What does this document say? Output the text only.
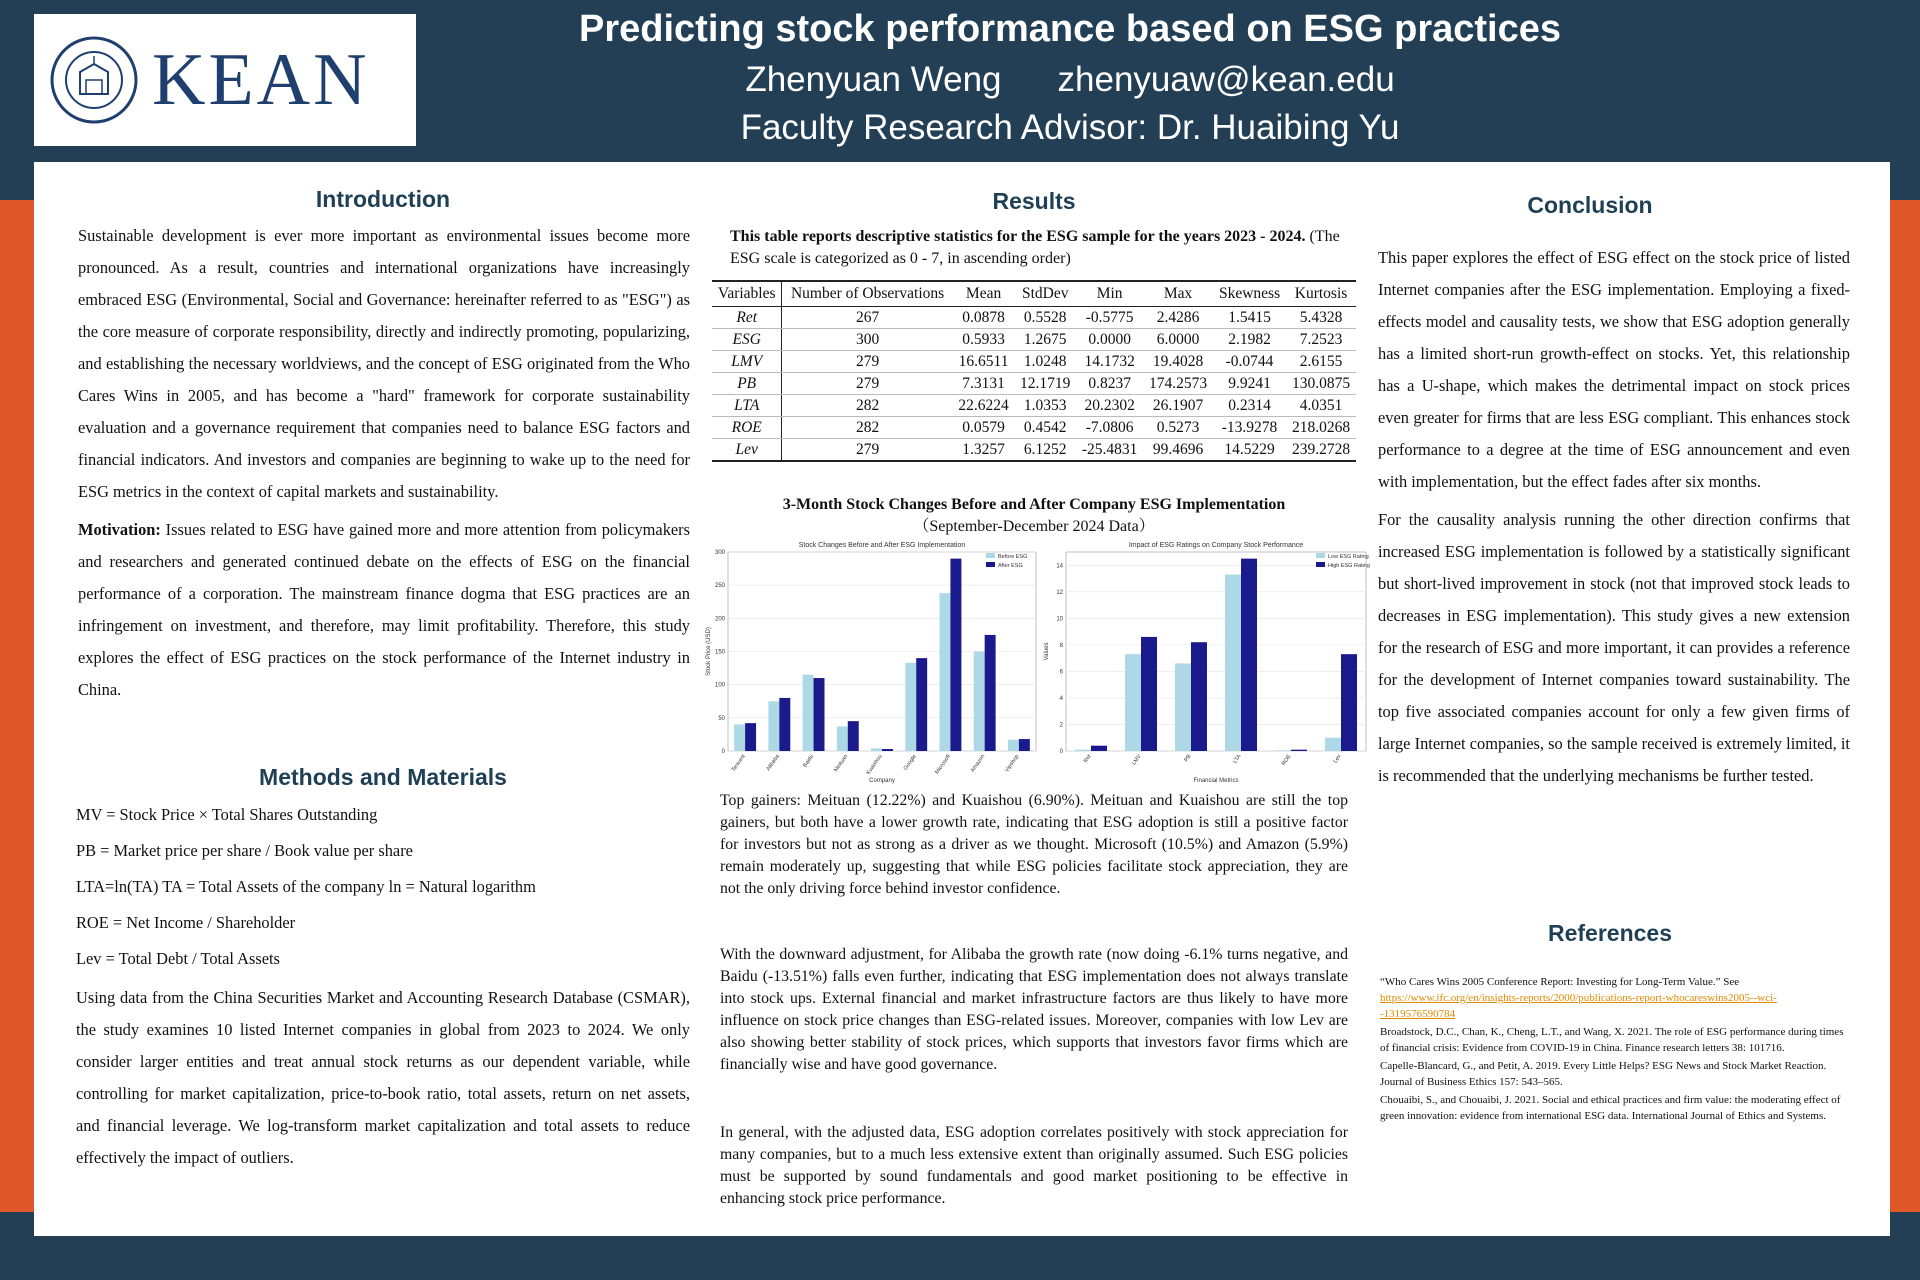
KEAN
Predicting stock performance based on ESG practices
Zhenyuan Weng zhenyuaw@kean.edu
Faculty Research Advisor: Dr. Huaibing Yu
Introduction

Sustainable development is ever more important as environmental issues become more pronounced. As a result, countries and international organizations have increasingly embraced ESG (Environmental, Social and Governance: hereinafter referred to as "ESG") as the core measure of corporate responsibility, directly and indirectly promoting, popularizing, and establishing the necessary worldviews, and the concept of ESG originated from the Who Cares Wins in 2005, and has become a "hard" framework for corporate sustainability evaluation and a governance requirement that companies need to balance ESG factors and financial indicators. And investors and companies are beginning to wake up to the need for ESG metrics in the context of capital markets and sustainability.

Motivation: Issues related to ESG have gained more and more attention from policymakers and researchers and generated continued debate on the effects of ESG on the financial performance of a corporation. The mainstream finance dogma that ESG practices are an infringement on investment, and therefore, may limit profitability. Therefore, this study explores the effect of ESG practices on the stock performance of the Internet industry in China.

Methods and Materials
MV = Stock Price × Total Shares Outstanding
PB = Market price per share / Book value per share
LTA=ln(TA) TA = Total Assets of the company ln = Natural logarithm
ROE = Net Income / Shareholder
Lev = Total Debt / Total Assets
Using data from the China Securities Market and Accounting Research Database (CSMAR), the study examines 10 listed Internet companies in global from 2023 to 2024. We only consider larger entities and treat annual stock returns as our dependent variable, while controlling for market capitalization, price-to-book ratio, total assets, return on net assets, and financial leverage. We log-transform market capitalization and total assets to reduce effectively the impact of outliers.
Results
This table reports descriptive statistics for the ESG sample for the years 2023 - 2024. (The ESG scale is categorized as 0 - 7, in ascending order)
Variables	Number of Observations	Mean	StdDev	Min	Max	Skewness	Kurtosis
Ret	267	0.0878	0.5528	-0.5775	2.4286	1.5415	5.4328
ESG	300	0.5933	1.2675	0.0000	6.0000	2.1982	7.2523
LMV	279	16.6511	1.0248	14.1732	19.4028	-0.0744	2.6155
PB	279	7.3131	12.1719	0.8237	174.2573	9.9241	130.0875
LTA	282	22.6224	1.0353	20.2302	26.1907	0.2314	4.0351
ROE	282	0.0579	0.4542	-7.0806	0.5273	-13.9278	218.0268
Lev	279	1.3257	6.1252	-25.4831	99.4696	14.5229	239.2728
3-Month Stock Changes Before and After Company ESG Implementation
（September-December 2024 Data）
Stock Changes Before and After ESG Implementation
0
50
100
150
200
250
300
Tencent	Alibaba	Baidu	Meituan	Kuaishou	Google	Microsoft	Amazon	Vipshop
Company
Stock Price (USD)
Before ESG
After ESG
Impact of ESG Ratings on Company Stock Performance
0
2
4
6
8
10
12
14
Ret	LMV	PB	LTA	ROE	Lev
Financial Metrics
Values
Low ESG Rating
High ESG Rating
Top gainers: Meituan (12.22%) and Kuaishou (6.90%). Meituan and Kuaishou are still the top gainers, but both have a lower growth rate, indicating that ESG adoption is still a positive factor for investors but not as strong as a driver as we thought. Microsoft (10.5%) and Amazon (5.9%) remain moderately up, suggesting that while ESG policies facilitate stock appreciation, they are not the only driving force behind investor confidence.
With the downward adjustment, for Alibaba the growth rate (now doing -6.1% turns negative, and Baidu (-13.51%) falls even further, indicating that ESG implementation does not always translate into stock ups. External financial and market infrastructure factors are thus likely to have more influence on stock price changes than ESG-related issues. Moreover, companies with low Lev are also showing better stability of stock prices, which supports that investors favor firms which are financially wise and have good governance.
In general, with the adjusted data, ESG adoption correlates positively with stock appreciation for many companies, but to a much less extensive extent than originally assumed. Such ESG policies must be supported by sound fundamentals and good market positioning to be effective in enhancing stock price performance.
Conclusion

This paper explores the effect of ESG effect on the stock price of listed Internet companies after the ESG implementation. Employing a fixed-effects model and causality tests, we show that ESG adoption generally has a limited short-run growth-effect on stocks. Yet, this relationship has a U-shape, which makes the detrimental impact on stock prices even greater for firms that are less ESG compliant. This enhances stock performance to a degree at the time of ESG announcement and even with implementation, but the effect fades after six months.

For the causality analysis running the other direction confirms that increased ESG implementation is followed by a statistically significant but short-lived improvement in stock (not that improved stock leads to decreases in ESG implementation). This study gives a new extension for the research of ESG and more important, it can provides a reference for the development of Internet companies toward sustainability. The top five associated companies account for only a few given firms of large Internet companies, so the sample received is extremely limited, it is recommended that the underlying mechanisms be further tested.

References

“Who Cares Wins 2005 Conference Report: Investing for Long-Term Value.” See
https://www.ifc.org/en/insights-reports/2000/publications-report-whocareswins2005--wci--1319576590784

Broadstock, D.C., Chan, K., Cheng, L.T., and Wang, X. 2021. The role of ESG performance during times of financial crisis: Evidence from COVID-19 in China. Finance research letters 38: 101716.

Capelle-Blancard, G., and Petit, A. 2019. Every Little Helps? ESG News and Stock Market Reaction. Journal of Business Ethics 157: 543–565.

Chouaibi, S., and Chouaibi, J. 2021. Social and ethical practices and firm value: the moderating effect of green innovation: evidence from international ESG data. International Journal of Ethics and Systems.
